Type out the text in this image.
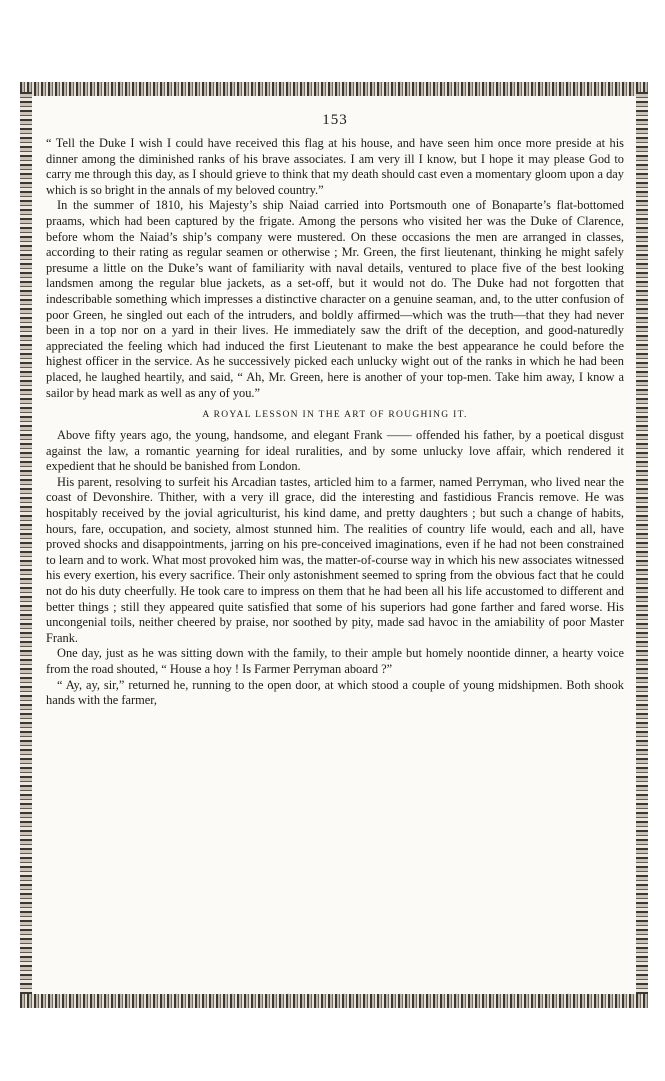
153

“ Tell the Duke I wish I could have received this flag at his house, and have seen him once more preside at his dinner among the diminished ranks of his brave associates. I am very ill I know, but I hope it may please God to carry me through this day, as I should grieve to think that my death should cast even a momentary gloom upon a day which is so bright in the annals of my beloved country.”

In the summer of 1810, his Majesty’s ship Naiad carried into Portsmouth one of Bonaparte’s flat-bottomed praams, which had been captured by the frigate. Among the persons who visited her was the Duke of Clarence, before whom the Naiad’s ship’s company were mustered. On these occasions the men are arranged in classes, according to their rating as regular seamen or otherwise ; Mr. Green, the first lieutenant, thinking he might safely presume a little on the Duke’s want of familiarity with naval details, ventured to place five of the best looking landsmen among the regular blue jackets, as a set-off, but it would not do. The Duke had not forgotten that indescribable something which impresses a distinctive character on a genuine seaman, and, to the utter confusion of poor Green, he singled out each of the intruders, and boldly affirmed—which was the truth—that they had never been in a top nor on a yard in their lives. He immediately saw the drift of the deception, and good-naturedly appreciated the feeling which had induced the first Lieutenant to make the best appearance he could before the highest officer in the service. As he successively picked each unlucky wight out of the ranks in which he had been placed, he laughed heartily, and said, “ Ah, Mr. Green, here is another of your top-men. Take him away, I know a sailor by head mark as well as any of you.”

A ROYAL LESSON IN THE ART OF ROUGHING IT.

Above fifty years ago, the young, handsome, and elegant Frank —— offended his father, by a poetical disgust against the law, a romantic yearning for ideal ruralities, and by some unlucky love affair, which rendered it expedient that he should be banished from London.

His parent, resolving to surfeit his Arcadian tastes, articled him to a farmer, named Perryman, who lived near the coast of Devonshire. Thither, with a very ill grace, did the interesting and fastidious Francis remove. He was hospitably received by the jovial agriculturist, his kind dame, and pretty daughters ; but such a change of habits, hours, fare, occupation, and society, almost stunned him. The realities of country life would, each and all, have proved shocks and disappointments, jarring on his pre-conceived imaginations, even if he had not been constrained to learn and to work. What most provoked him was, the matter-of-course way in which his new associates witnessed his every exertion, his every sacrifice. Their only astonishment seemed to spring from the obvious fact that he could not do his duty cheerfully. He took care to impress on them that he had been all his life accustomed to different and better things ; still they appeared quite satisfied that some of his superiors had gone farther and fared worse. His uncongenial toils, neither cheered by praise, nor soothed by pity, made sad havoc in the amiability of poor Master Frank.

One day, just as he was sitting down with the family, to their ample but homely noontide dinner, a hearty voice from the road shouted, “ House a hoy ! Is Farmer Perryman aboard ?”

“ Ay, ay, sir,” returned he, running to the open door, at which stood a couple of young midshipmen. Both shook hands with the farmer,
